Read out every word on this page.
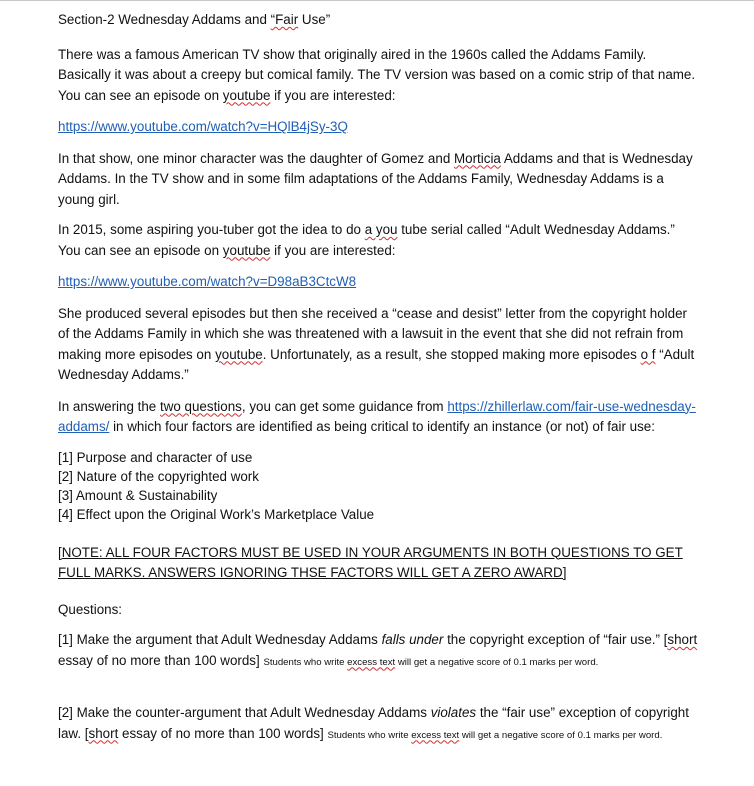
Section-2 Wednesday Addams and “Fair Use”

There was a famous American TV show that originally aired in the 1960s called the Addams Family. Basically it was about a creepy but comical family. The TV version was based on a comic strip of that name. You can see an episode on youtube if you are interested:

https://www.youtube.com/watch?v=HQlB4jSy-3Q

In that show, one minor character was the daughter of Gomez and Morticia Addams and that is Wednesday Addams. In the TV show and in some film adaptations of the Addams Family, Wednesday Addams is a young girl.

In 2015, some aspiring you-tuber got the idea to do a you tube serial called “Adult Wednesday Addams.” You can see an episode on youtube if you are interested:

https://www.youtube.com/watch?v=D98aB3CtcW8

She produced several episodes but then she received a “cease and desist” letter from the copyright holder of the Addams Family in which she was threatened with a lawsuit in the event that she did not refrain from making more episodes on youtube. Unfortunately, as a result, she stopped making more episodes o f “Adult Wednesday Addams.”

In answering the two questions, you can get some guidance from https://zhillerlaw.com/fair-use-wednesday-addams/ in which four factors are identified as being critical to identify an instance (or not) of fair use:

[1] Purpose and character of use
[2] Nature of the copyrighted work
[3] Amount & Sustainability
[4] Effect upon the Original Work’s Marketplace Value

[NOTE: ALL FOUR FACTORS MUST BE USED IN YOUR ARGUMENTS IN BOTH QUESTIONS TO GET FULL MARKS. ANSWERS IGNORING THSE FACTORS WILL GET A ZERO AWARD]

Questions:

[1] Make the argument that Adult Wednesday Addams falls under the copyright exception of “fair use.” [short essay of no more than 100 words] Students who write excess text will get a negative score of 0.1 marks per word.

[2] Make the counter-argument that Adult Wednesday Addams violates the “fair use” exception of copyright law. [short essay of no more than 100 words] Students who write excess text will get a negative score of 0.1 marks per word.
